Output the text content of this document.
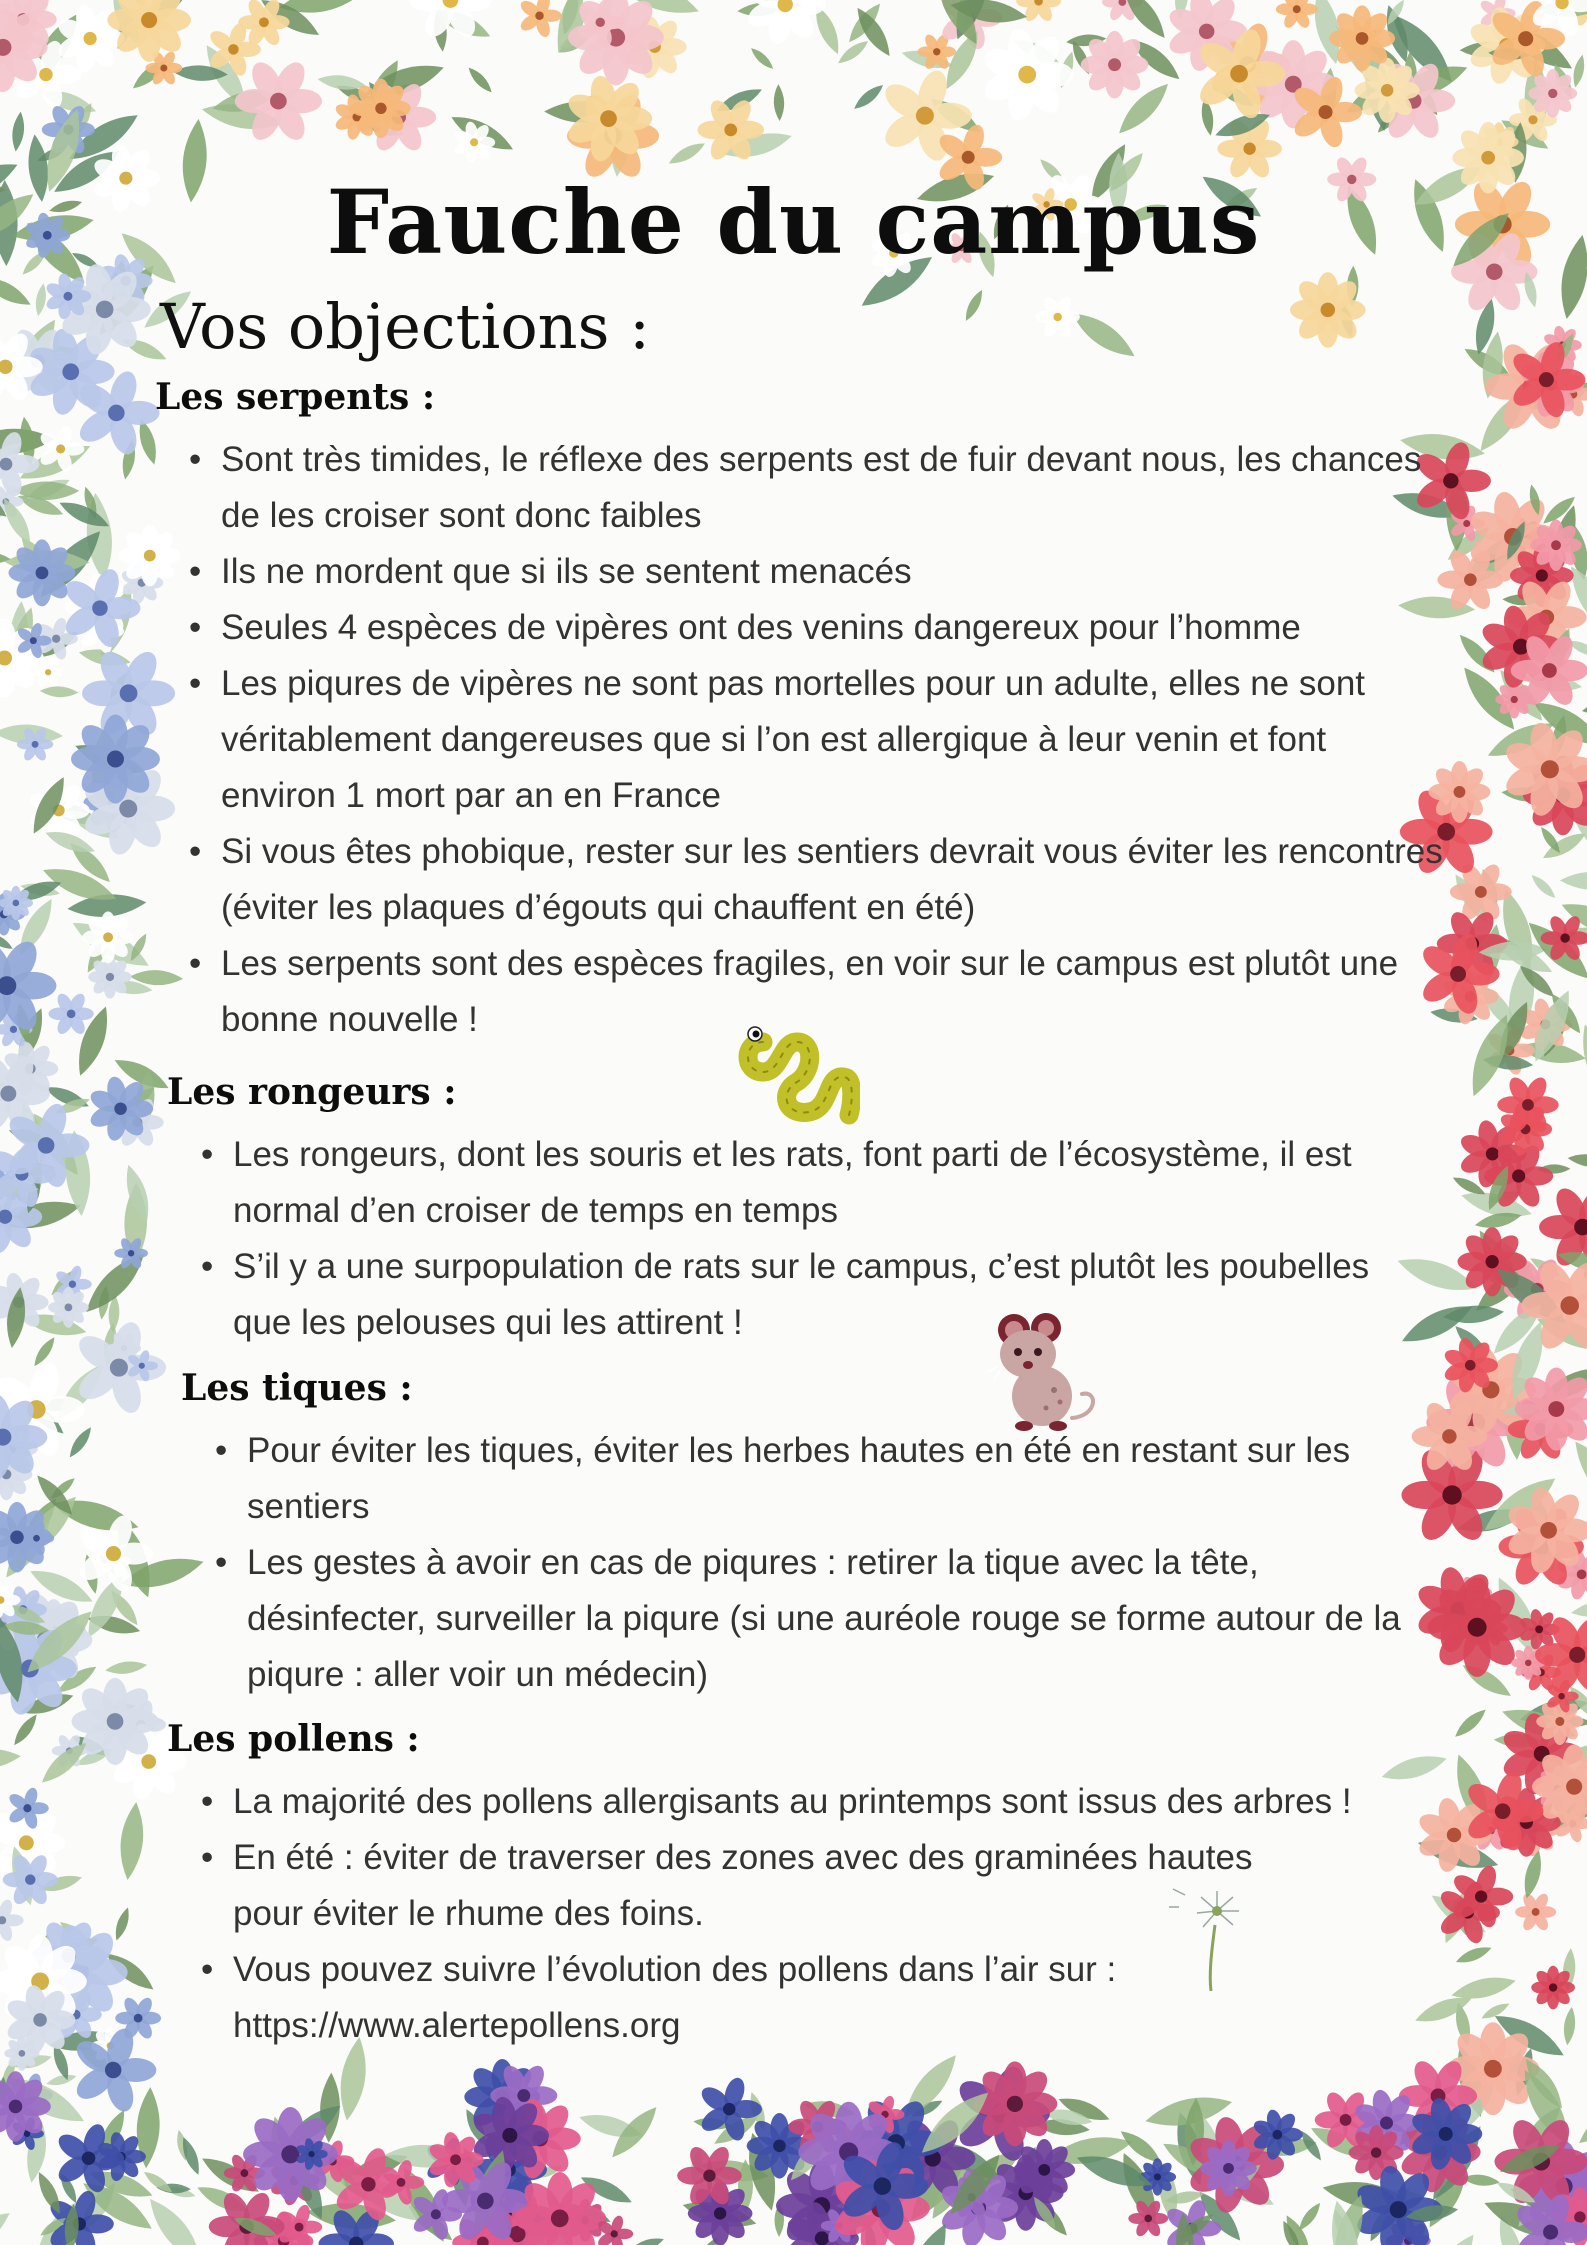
Fauche du campus
Vos objections :
Les serpents :
• Sont très timides, le réflexe des serpents est de fuir devant nous, les chances de les croiser sont donc faibles
• Ils ne mordent que si ils se sentent menacés
• Seules 4 espèces de vipères ont des venins dangereux pour l’homme
• Les piqures de vipères ne sont pas mortelles pour un adulte, elles ne sont véritablement dangereuses que si l’on est allergique à leur venin et font environ 1 mort par an en France
• Si vous êtes phobique, rester sur les sentiers devrait vous éviter les rencontres (éviter les plaques d’égouts qui chauffent en été)
• Les serpents sont des espèces fragiles, en voir sur le campus est plutôt une bonne nouvelle !
Les rongeurs :
• Les rongeurs, dont les souris et les rats, font parti de l’écosystème, il est normal d’en croiser de temps en temps
• S’il y a une surpopulation de rats sur le campus, c’est plutôt les poubelles que les pelouses qui les attirent !
Les tiques :
• Pour éviter les tiques, éviter les herbes hautes en été en restant sur les sentiers
• Les gestes à avoir en cas de piqures : retirer la tique avec la tête, désinfecter, surveiller la piqure (si une auréole rouge se forme autour de la piqure : aller voir un médecin)
Les pollens :
• La majorité des pollens allergisants au printemps sont issus des arbres !
• En été : éviter de traverser des zones avec des graminées hautes pour éviter le rhume des foins.
• Vous pouvez suivre l’évolution des pollens dans l’air sur : https://www.alertepollens.org
